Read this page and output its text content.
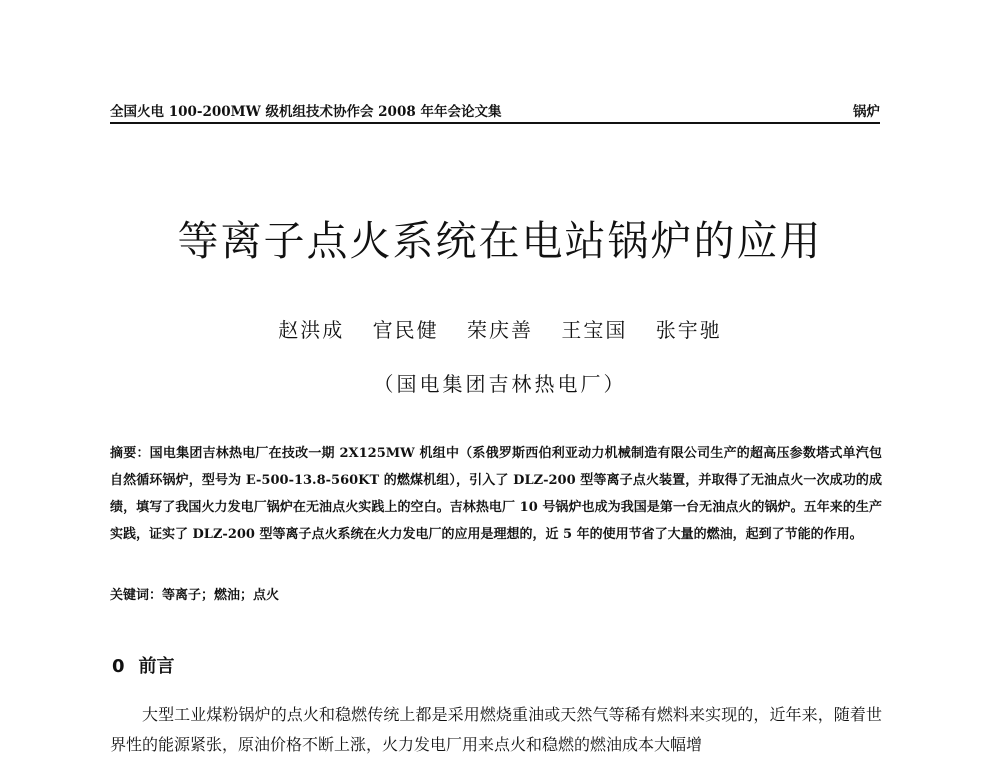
全国火电 100-200MW 级机组技术协作会 2008 年年会论文集	锅炉
等离子点火系统在电站锅炉的应用
赵洪成 官民健 荣庆善 王宝国 张宇驰
（国电集团吉林热电厂）
摘要：国电集团吉林热电厂在技改一期 2X125MW 机组中（系俄罗斯西伯利亚动力机械制造有限公司生产的超高压参数塔式单汽包自然循环锅炉，型号为 E-500-13.8-560KT 的燃煤机组），引入了 DLZ-200 型等离子点火装置，并取得了无油点火一次成功的成绩，填写了我国火力发电厂锅炉在无油点火实践上的空白。吉林热电厂 10 号锅炉也成为我国是第一台无油点火的锅炉。五年来的生产实践，证实了 DLZ-200 型等离子点火系统在火力发电厂的应用是理想的，近 5 年的使用节省了大量的燃油，起到了节能的作用。
关键词：等离子；燃油；点火
0 前言
大型工业煤粉锅炉的点火和稳燃传统上都是采用燃烧重油或天然气等稀有燃料来实现的，近年来，随着世界性的能源紧张，原油价格不断上涨，火力发电厂用来点火和稳燃的燃油成本大幅增
